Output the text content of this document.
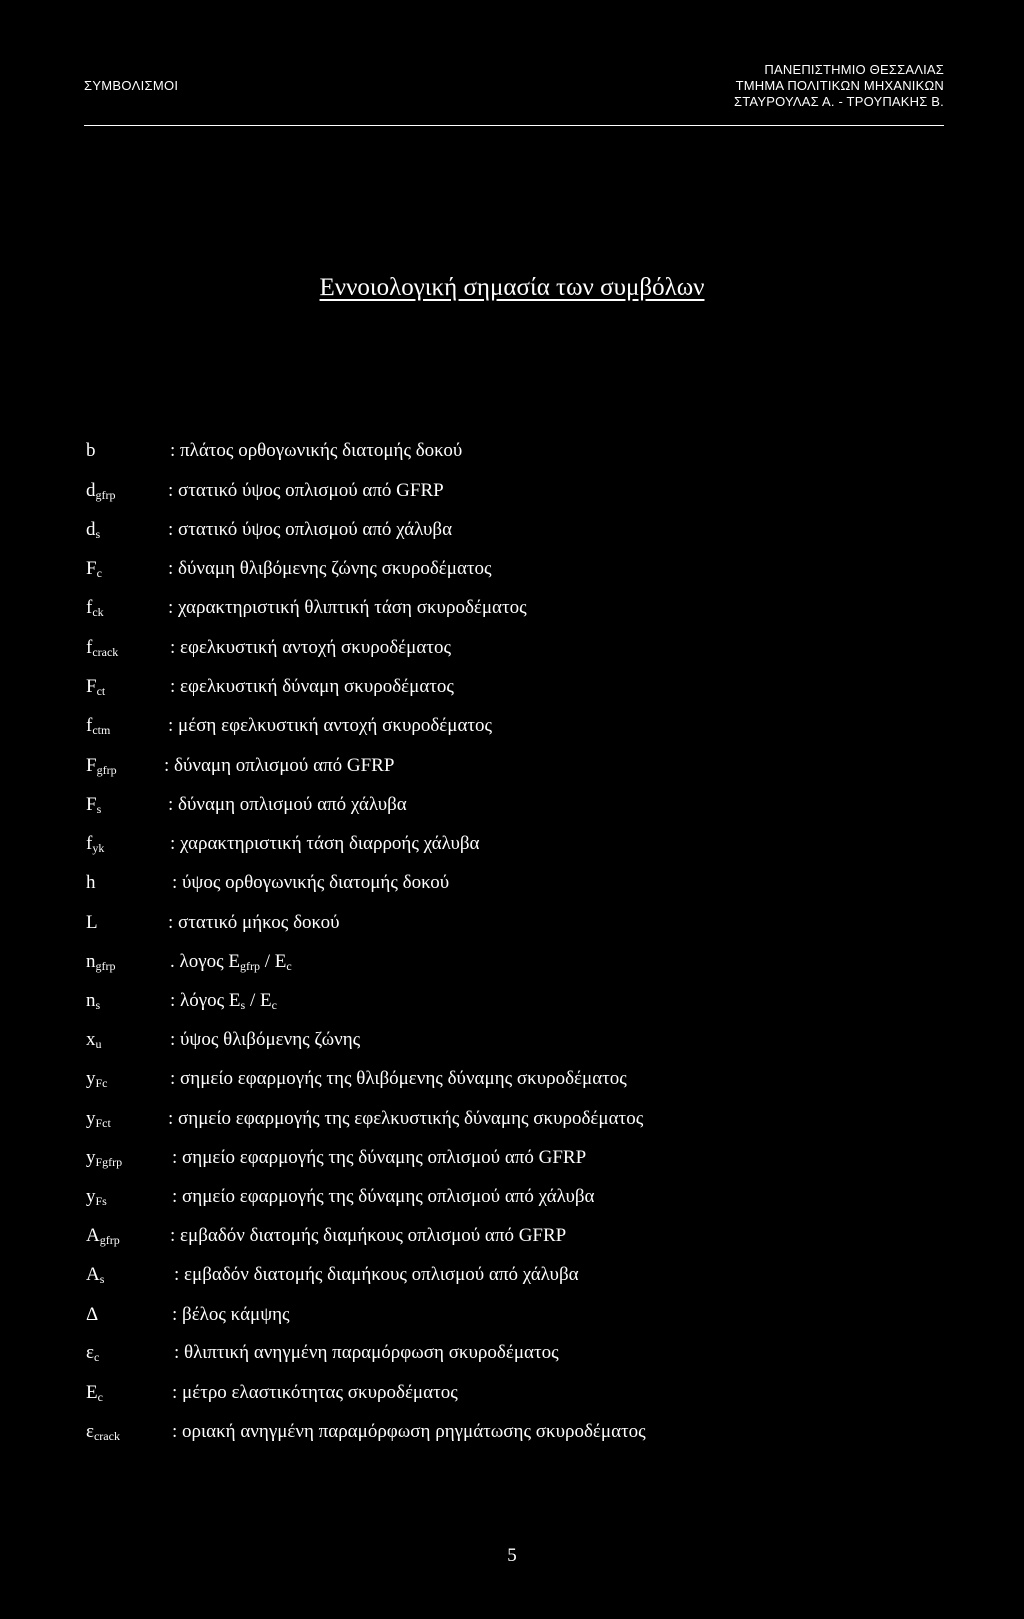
ΣΥΜΒΟΛΙΣΜΟΙ
ΠΑΝΕΠΙΣΤΗΜΙΟ ΘΕΣΣΑΛΙΑΣ
ΤΜΗΜΑ ΠΟΛΙΤΙΚΩΝ ΜΗΧΑΝΙΚΩΝ
ΣΤΑΥΡΟΥΛΑΣ Α. - ΤΡΟΥΠΑΚΗΣ Β.
Εννοιολογική σημασία των συμβόλων
b	: πλάτος ορθογωνικής διατομής δοκού
$d_{gfrp}$	: στατικό ύψος οπλισμού από GFRP
$d_s$	: στατικό ύψος οπλισμού από χάλυβα
$F_c$	: δύναμη θλιβόμενης ζώνης σκυροδέματος
$f_{ck}$	: χαρακτηριστική θλιπτική τάση σκυροδέματος
$f_{crack}$	: εφελκυστική αντοχή σκυροδέματος
$F_{ct}$	: εφελκυστική δύναμη σκυροδέματος
$f_{ctm}$	: μέση εφελκυστική αντοχή σκυροδέματος
$F_{gfrp}$ : δύναμη οπλισμού από GFRP
$F_s$	: δύναμη οπλισμού από χάλυβα
$f_{yk}$	: χαρακτηριστική τάση διαρροής χάλυβα
h	: ύψος ορθογωνικής διατομής δοκού
L	: στατικό μήκος δοκού
$n_{gfrp}$	. λογος $E_{gfrp} / E_c$
$n_s$	: λόγος $E_s / E_c$
$x_u$	: ύψος θλιβόμενης ζώνης
$y_{Fc}$	: σημείο εφαρμογής της θλιβόμενης δύναμης σκυροδέματος
$y_{Fct}$	: σημείο εφαρμογής της εφελκυστικής δύναμης σκυροδέματος
$y_{Fgfrp}$	: σημείο εφαρμογής της δύναμης οπλισμού από GFRP
$y_{Fs}$	: σημείο εφαρμογής της δύναμης οπλισμού από χάλυβα
$A_{gfrp}$	: εμβαδόν διατομής διαμήκους οπλισμού από GFRP
$A_s$	: εμβαδόν διατομής διαμήκους οπλισμού από χάλυβα
Δ	: βέλος κάμψης
$\varepsilon_c$	: θλιπτική ανηγμένη παραμόρφωση σκυροδέματος
$E_c$	: μέτρο ελαστικότητας σκυροδέματος
$\varepsilon_{crack}$	: οριακή ανηγμένη παραμόρφωση ρηγμάτωσης σκυροδέματος
5
